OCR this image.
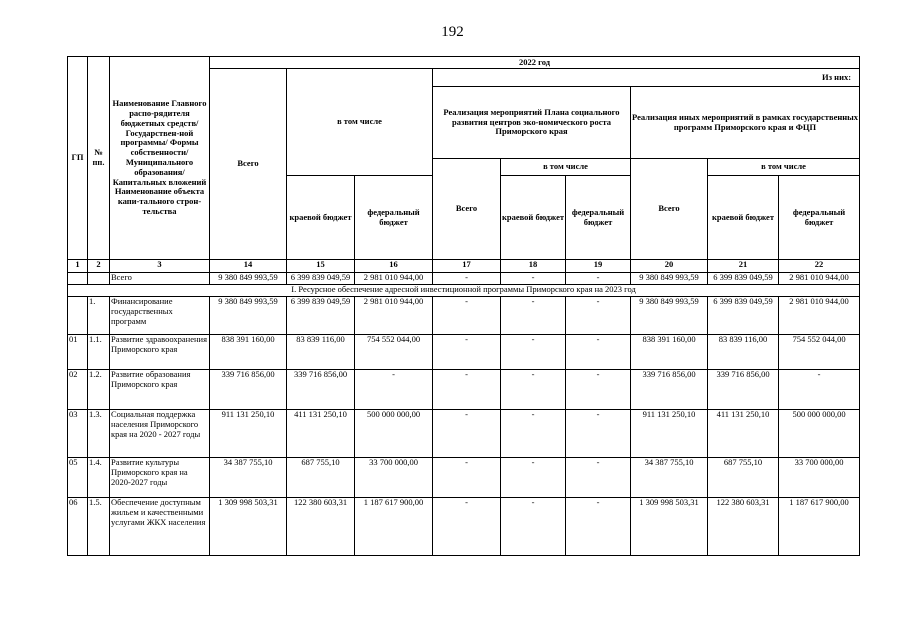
192
ГП	№ пп.	Наименование Главного распо-рядителя бюджетных средств/ Государствен-ной программы/ Формы собственности/Муниципального образования/Капитальных вложений Наименование объекта капи-тального строн-тельства	2022 год								
			Всего	в том числе		Из них:					
						Реализация мероприятий Плана социального развития центров эко-номического роста Приморского края			Реализация иных мероприятий в рамках государственных программ Приморского края и ФЦП		
						Всего	в том числе		Всего	в том числе	
				краевой бюджет	федеральный бюджет		краевой бюджет	федеральный бюджет		краевой бюджет	федеральный бюджет
1	2	3	14	15	16	17	18	19	20	21	22
		Всего	9 380 849 993,59	6 399 839 049,59	2 981 010 944,00	-	-	-	9 380 849 993,59	6 399 839 049,59	2 981 010 944,00
I. Ресурсное обеспечение адресной инвестиционной программы Приморского края на 2023 год											
	1.	Финансирование государственных программ	9 380 849 993,59	6 399 839 049,59	2 981 010 944,00	-	-	-	9 380 849 993,59	6 399 839 049,59	2 981 010 944,00
01	1.1.	Развитие здравоохранения Приморского края	838 391 160,00	83 839 116,00	754 552 044,00	-	-	-	838 391 160,00	83 839 116,00	754 552 044,00
02	1.2.	Развитие образования Приморского края	339 716 856,00	339 716 856,00	-	-	-	-	339 716 856,00	339 716 856,00	-
03	1.3.	Социальная поддержка населения Приморского края на 2020 - 2027 годы	911 131 250,10	411 131 250,10	500 000 000,00	-	-	-	911 131 250,10	411 131 250,10	500 000 000,00
05	1.4.	Развитие культуры Приморского края на 2020-2027 годы	34 387 755,10	687 755,10	33 700 000,00	-	-	-	34 387 755,10	687 755,10	33 700 000,00
06	1.5.	Обеспечение доступным жильем и качественными услугами ЖКХ населения	1 309 998 503,31	122 380 603,31	1 187 617 900,00	-	-	-	1 309 998 503,31	122 380 603,31	1 187 617 900,00
